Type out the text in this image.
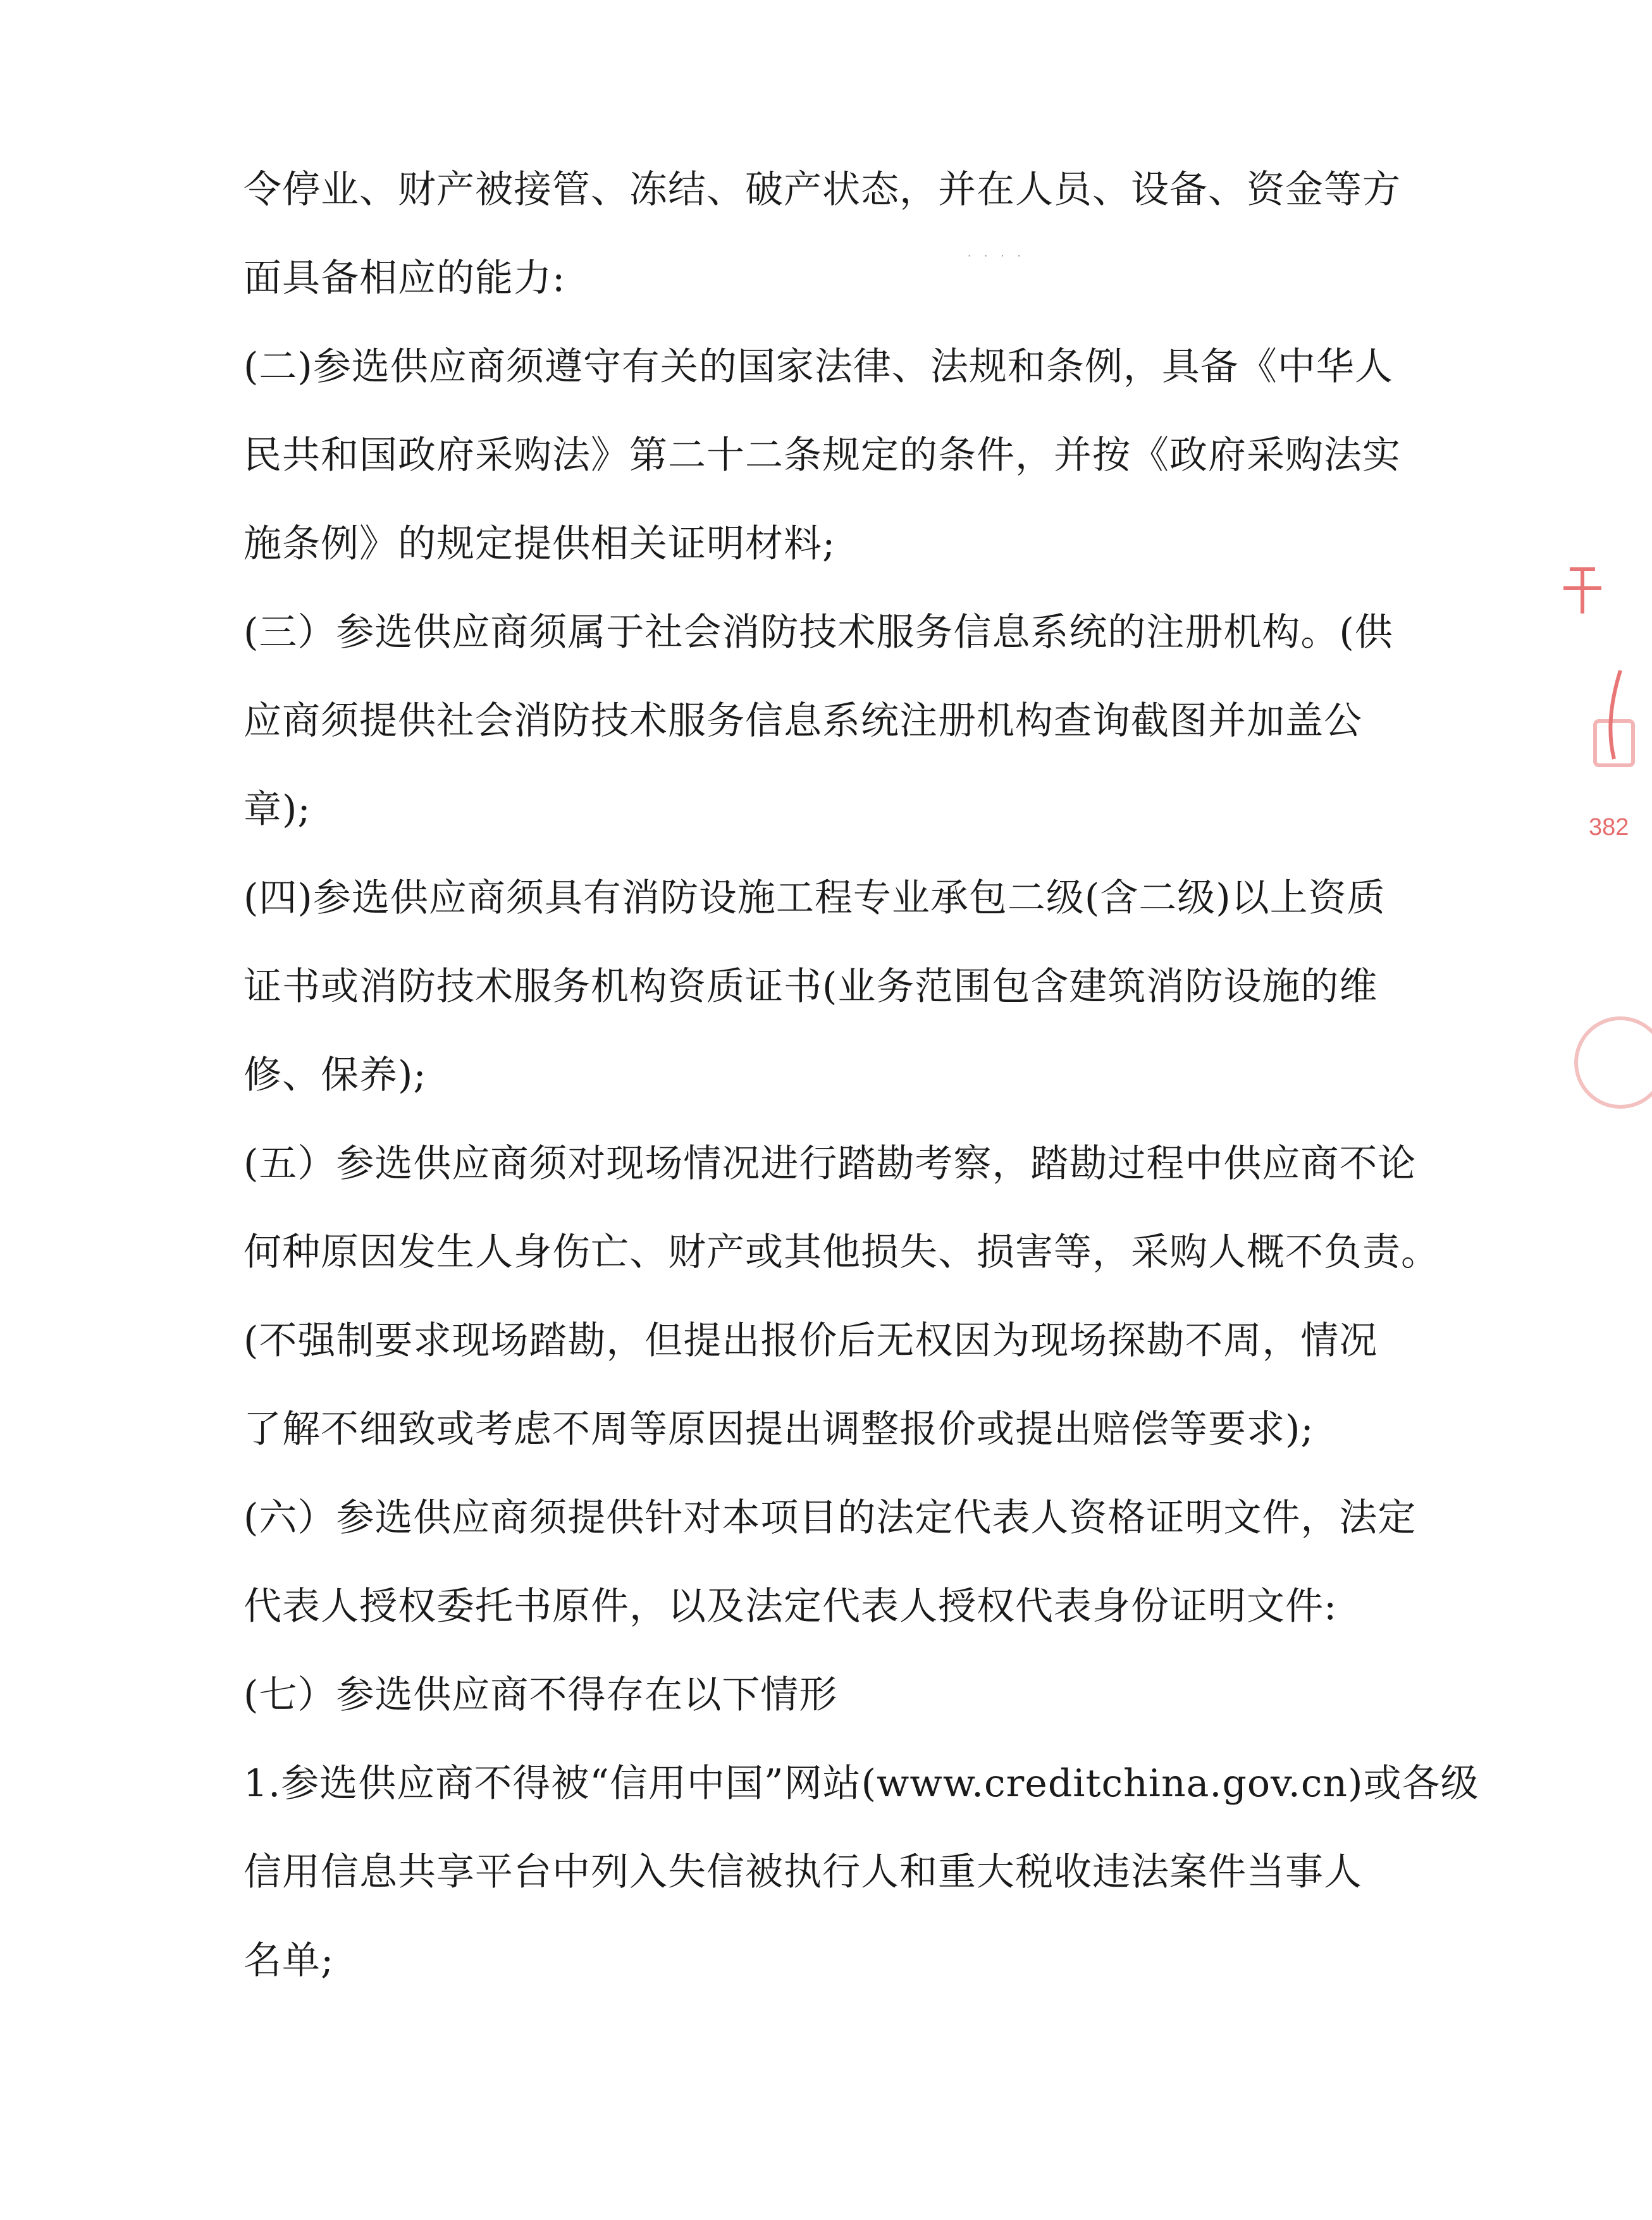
· · · ·
令停业、财产被接管、冻结、破产状态，并在人员、设备、资金等方
面具备相应的能力:
(二)参选供应商须遵守有关的国家法律、法规和条例，具备《中华人
民共和国政府采购法》第二十二条规定的条件，并按《政府采购法实
施条例》的规定提供相关证明材料;
(三）参选供应商须属于社会消防技术服务信息系统的注册机构。(供
应商须提供社会消防技术服务信息系统注册机构查询截图并加盖公
章);
(四)参选供应商须具有消防设施工程专业承包二级(含二级)以上资质
证书或消防技术服务机构资质证书(业务范围包含建筑消防设施的维
修、保养);
(五）参选供应商须对现场情况进行踏勘考察，踏勘过程中供应商不论
何种原因发生人身伤亡、财产或其他损失、损害等，采购人概不负责。
(不强制要求现场踏勘，但提出报价后无权因为现场探勘不周，情况
了解不细致或考虑不周等原因提出调整报价或提出赔偿等要求);
(六）参选供应商须提供针对本项目的法定代表人资格证明文件，法定
代表人授权委托书原件，以及法定代表人授权代表身份证明文件:
(七）参选供应商不得存在以下情形
1.参选供应商不得被“信用中国”网站(www.creditchina.gov.cn)或各级
信用信息共享平台中列入失信被执行人和重大税收违法案件当事人
名单;
382
